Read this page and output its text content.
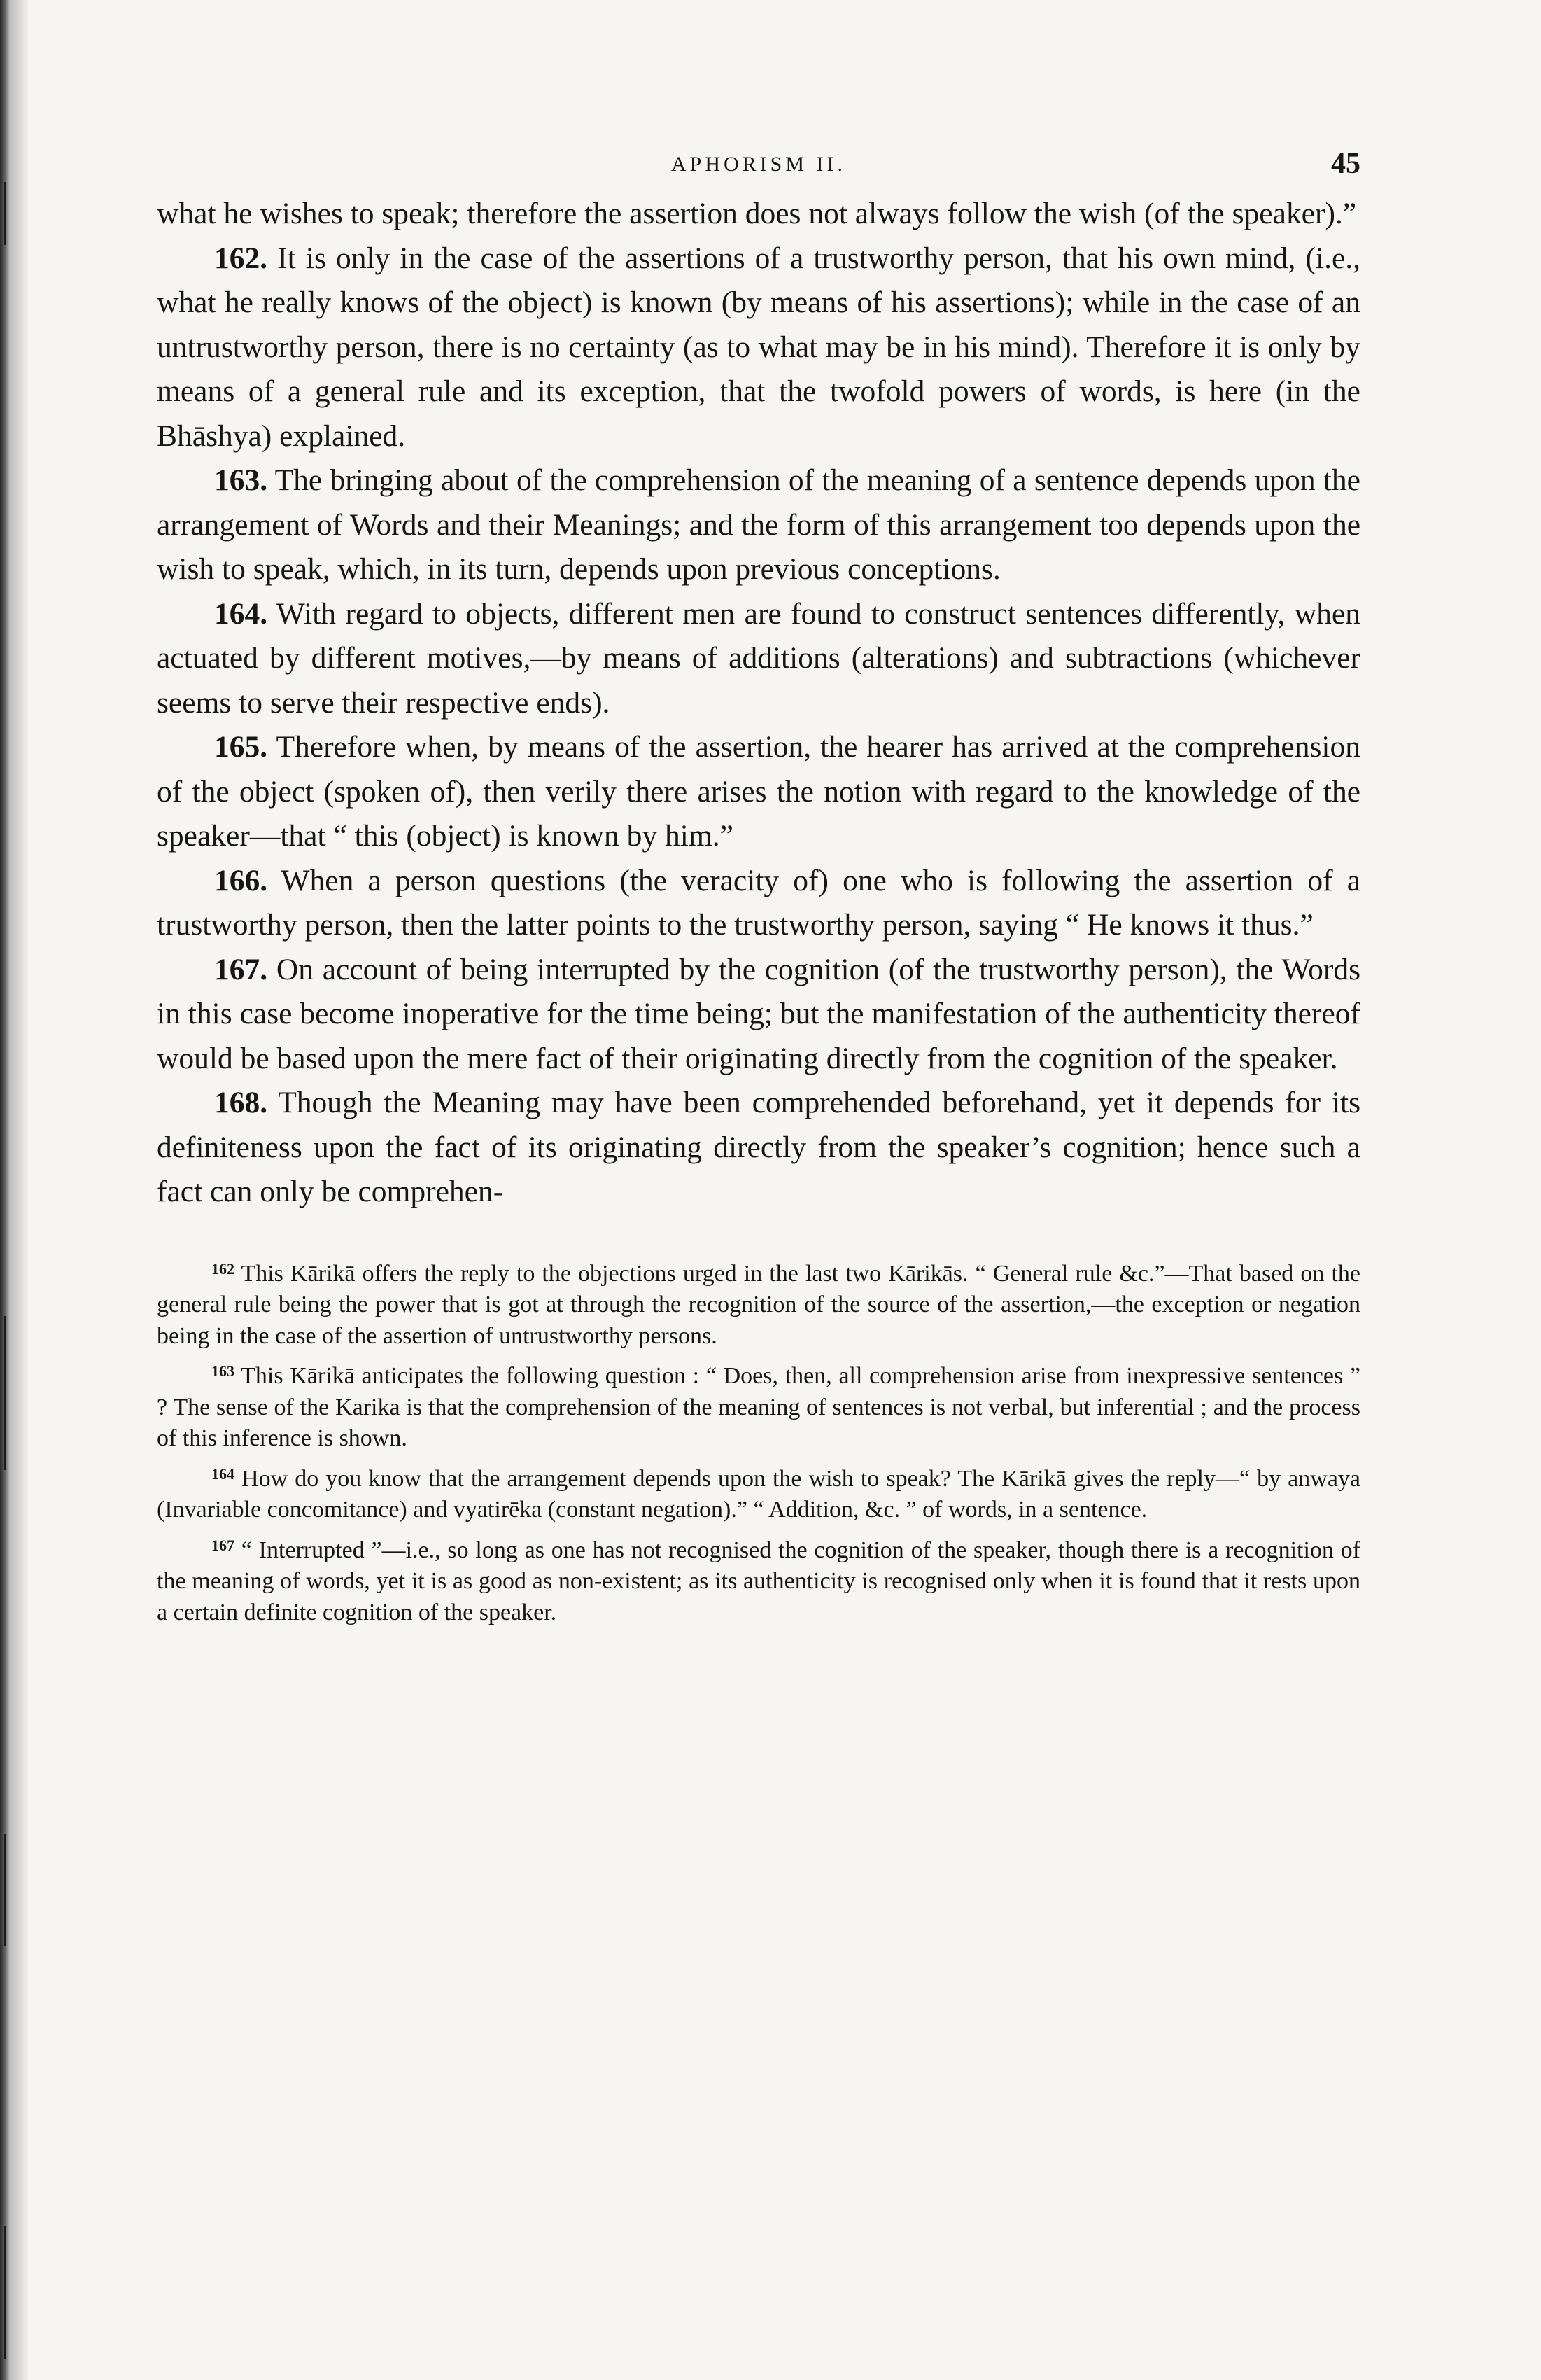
APHORISM II.	45

what he wishes to speak; therefore the assertion does not always follow the wish (of the speaker).”

162. It is only in the case of the assertions of a trustworthy person, that his own mind, (i.e., what he really knows of the object) is known (by means of his assertions); while in the case of an untrustworthy person, there is no certainty (as to what may be in his mind). Therefore it is only by means of a general rule and its exception, that the twofold powers of words, is here (in the Bhāshya) explained.

163. The bringing about of the comprehension of the meaning of a sentence depends upon the arrangement of Words and their Meanings; and the form of this arrangement too depends upon the wish to speak, which, in its turn, depends upon previous conceptions.

164. With regard to objects, different men are found to construct sentences differently, when actuated by different motives,—by means of additions (alterations) and subtractions (whichever seems to serve their respective ends).

165. Therefore when, by means of the assertion, the hearer has arrived at the comprehension of the object (spoken of), then verily there arises the notion with regard to the knowledge of the speaker—that “ this (object) is known by him.”

166. When a person questions (the veracity of) one who is following the assertion of a trustworthy person, then the latter points to the trustworthy person, saying “ He knows it thus.”

167. On account of being interrupted by the cognition (of the trustworthy person), the Words in this case become inoperative for the time being; but the manifestation of the authenticity thereof would be based upon the mere fact of their originating directly from the cognition of the speaker.

168. Though the Meaning may have been comprehended beforehand, yet it depends for its definiteness upon the fact of its originating directly from the speaker’s cognition; hence such a fact can only be comprehen-

$^{162}$ This Kārikā offers the reply to the objections urged in the last two Kārikās. “ General rule &c.”—That based on the general rule being the power that is got at through the recognition of the source of the assertion,—the exception or negation being in the case of the assertion of untrustworthy persons.

$^{163}$ This Kārikā anticipates the following question : “ Does, then, all comprehension arise from inexpressive sentences ” ? The sense of the Karika is that the comprehension of the meaning of sentences is not verbal, but inferential ; and the process of this inference is shown.

$^{164}$ How do you know that the arrangement depends upon the wish to speak? The Kārikā gives the reply—“ by anwaya (Invariable concomitance) and vyatirēka (constant negation).” “ Addition, &c. ” of words, in a sentence.

$^{167}$ “ Interrupted ”—i.e., so long as one has not recognised the cognition of the speaker, though there is a recognition of the meaning of words, yet it is as good as non-existent; as its authenticity is recognised only when it is found that it rests upon a certain definite cognition of the speaker.
